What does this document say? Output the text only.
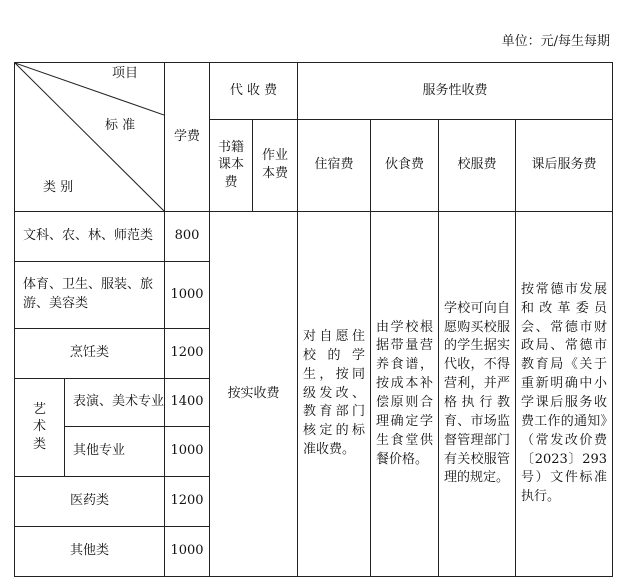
单位：元/每生每期
项目
标 准
类 别		学费	代 收 费		服务性收费			
			书籍课本费	作业本费	住宿费	伙食费	校服费	课后服务费
文科、农、林、师范类		800	按实收费		对自愿住校的学生，按同级发改、教育部门核定的标准收费。	由学校根据带量营养食谱，按成本补偿原则合理确定学生食堂供餐价格。	学校可向自愿购买校服的学生据实代收，不得营利，并严格执行教育、市场监督管理部门有关校服管理的规定。	按常德市发展和改革委员会、常德市财政局、常德市教育局《关于重新明确中小学课后服务收费工作的通知》（常发改价费〔2023〕293号）文件标准执行。

体育、卫生、服装、旅游、美容类		1000						
烹饪类		1200						
艺术类	表演、美术专业	1400						
	其他专业	1000						
医药类		1200						
其他类		1000						
